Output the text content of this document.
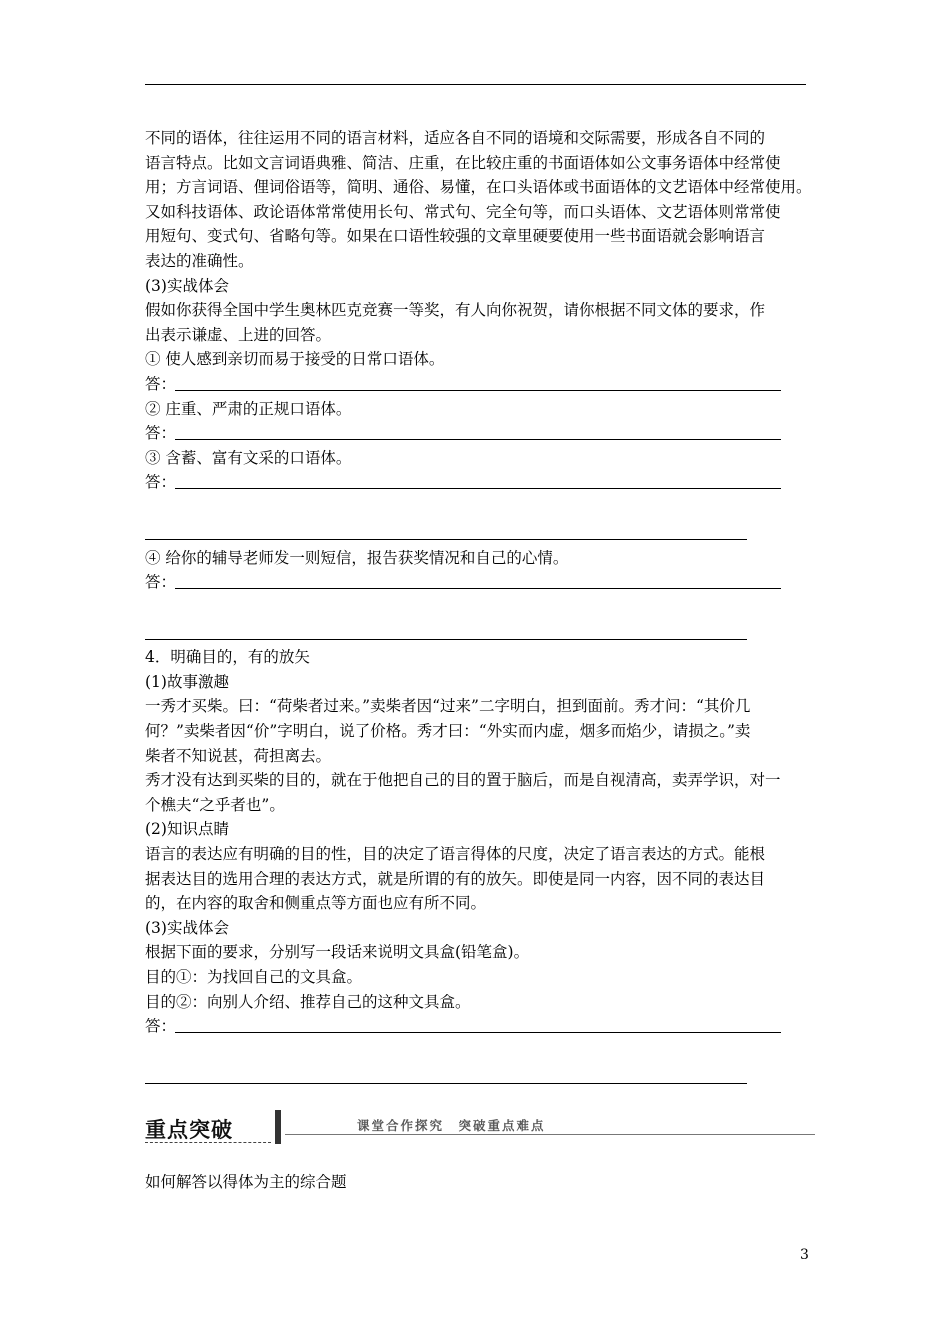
不同的语体，往往运用不同的语言材料，适应各自不同的语境和交际需要，形成各自不同的

语言特点。比如文言词语典雅、简洁、庄重，在比较庄重的书面语体如公文事务语体中经常使

用；方言词语、俚词俗语等，简明、通俗、易懂，在口头语体或书面语体的文艺语体中经常使用。

又如科技语体、政论语体常常使用长句、常式句、完全句等，而口头语体、文艺语体则常常使

用短句、变式句、省略句等。如果在口语性较强的文章里硬要使用一些书面语就会影响语言

表达的准确性。

(3)实战体会

假如你获得全国中学生奥林匹克竞赛一等奖，有人向你祝贺，请你根据不同文体的要求，作

出表示谦虚、上进的回答。

① 使人感到亲切而易于接受的日常口语体。

答：

② 庄重、严肃的正规口语体。

答：

③ 含蓄、富有文采的口语体。

答：

④ 给你的辅导老师发一则短信，报告获奖情况和自己的心情。

答：

4．明确目的，有的放矢

(1)故事激趣

一秀才买柴。曰：“荷柴者过来。”卖柴者因“过来”二字明白，担到面前。秀才问：“其价几

何？”卖柴者因“价”字明白，说了价格。秀才曰：“外实而内虚，烟多而焰少，请损之。”卖

柴者不知说甚，荷担离去。

秀才没有达到买柴的目的，就在于他把自己的目的置于脑后，而是自视清高，卖弄学识，对一

个樵夫“之乎者也”。

(2)知识点睛

语言的表达应有明确的目的性，目的决定了语言得体的尺度，决定了语言表达的方式。能根

据表达目的选用合理的表达方式，就是所谓的有的放矢。即使是同一内容，因不同的表达目

的，在内容的取舍和侧重点等方面也应有所不同。

(3)实战体会

根据下面的要求，分别写一段话来说明文具盒(铅笔盒)。

目的①：为找回自己的文具盒。

目的②：向别人介绍、推荐自己的这种文具盒。

答：
重点突破	课堂合作探究　突破重点难点
如何解答以得体为主的综合题
3
